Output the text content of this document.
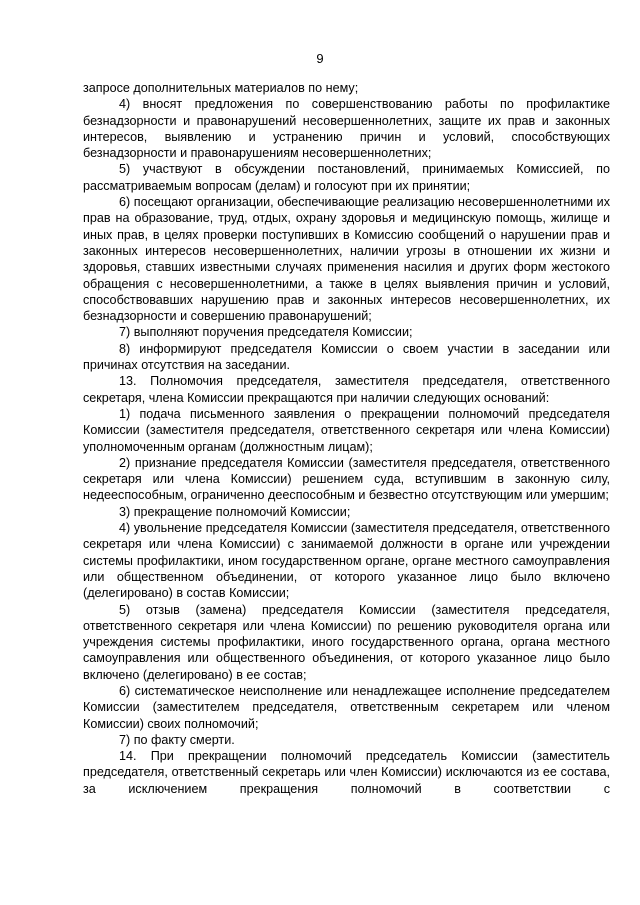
9

запросе дополнительных материалов по нему;

4) вносят предложения по совершенствованию работы по профилактике безнадзорности и правонарушений несовершеннолетних, защите их прав и законных интересов, выявлению и устранению причин и условий, способствующих безнадзорности и правонарушениям несовершеннолетних;

5) участвуют в обсуждении постановлений, принимаемых Комиссией, по рассматриваемым вопросам (делам) и голосуют при их принятии;

6) посещают организации, обеспечивающие реализацию несовершеннолетними их прав на образование, труд, отдых, охрану здоровья и медицинскую помощь, жилище и иных прав, в целях проверки поступивших в Комиссию сообщений о нарушении прав и законных интересов несовершеннолетних, наличии угрозы в отношении их жизни и здоровья, ставших известными случаях применения насилия и других форм жестокого обращения с несовершеннолетними, а также в целях выявления причин и условий, способствовавших нарушению прав и законных интересов несовершеннолетних, их безнадзорности и совершению правонарушений;

7) выполняют поручения председателя Комиссии;

8) информируют председателя Комиссии о своем участии в заседании или причинах отсутствия на заседании.

13. Полномочия председателя, заместителя председателя, ответственного секретаря, члена Комиссии прекращаются при наличии следующих оснований:

1) подача письменного заявления о прекращении полномочий председателя Комиссии (заместителя председателя, ответственного секретаря или члена Комиссии) уполномоченным органам (должностным лицам);

2) признание председателя Комиссии (заместителя председателя, ответственного секретаря или члена Комиссии) решением суда, вступившим в законную силу, недееспособным, ограниченно дееспособным и безвестно отсутствующим или умершим;

3) прекращение полномочий Комиссии;

4) увольнение председателя Комиссии (заместителя председателя, ответственного секретаря или члена Комиссии) с занимаемой должности в органе или учреждении системы профилактики, ином государственном органе, органе местного самоуправления или общественном объединении, от которого указанное лицо было включено (делегировано) в состав Комиссии;

5) отзыв (замена) председателя Комиссии (заместителя председателя, ответственного секретаря или члена Комиссии) по решению руководителя органа или учреждения системы профилактики, иного государственного органа, органа местного самоуправления или общественного объединения, от которого указанное лицо было включено (делегировано) в ее состав;

6) систематическое неисполнение или ненадлежащее исполнение председателем Комиссии (заместителем председателя, ответственным секретарем или членом Комиссии) своих полномочий;

7) по факту смерти.

14. При прекращении полномочий председатель Комиссии (заместитель председателя, ответственный секретарь или член Комиссии) исключаются из ее состава, за исключением прекращения полномочий в соответствии с
